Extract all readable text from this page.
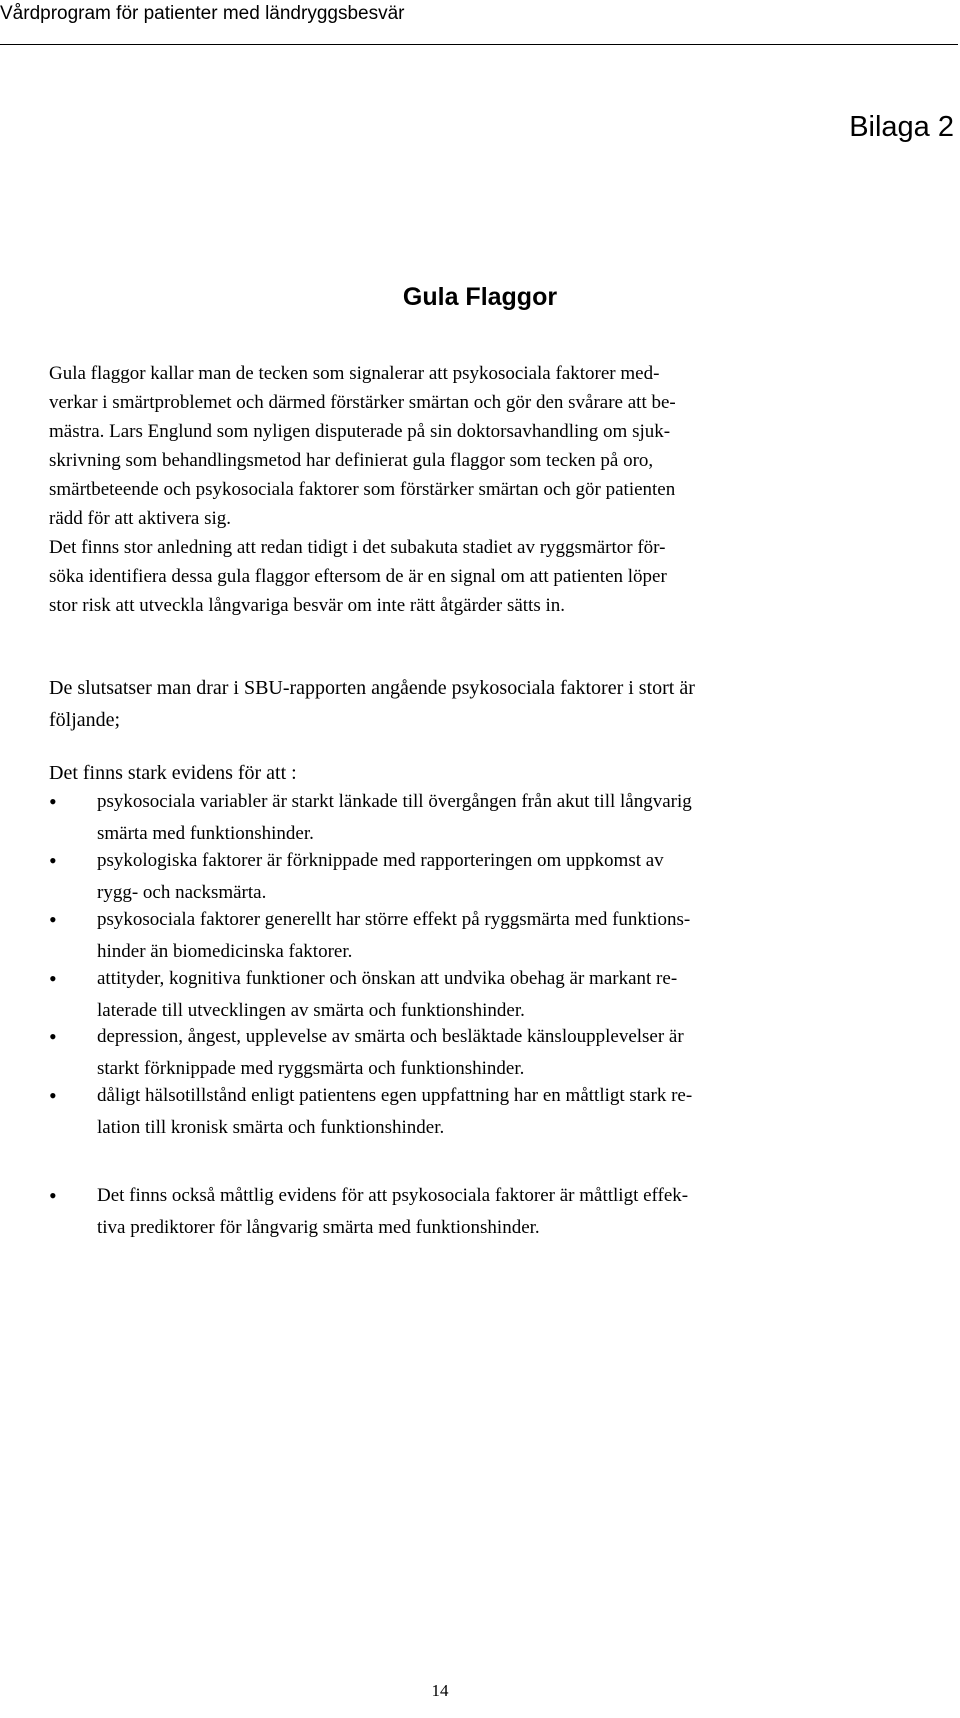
Vårdprogram för patienter med ländryggsbesvär
Bilaga 2
Gula Flaggor
Gula flaggor kallar man de tecken som signalerar att psykosociala faktorer med-
verkar i smärtproblemet och därmed förstärker smärtan och gör den svårare att be-
mästra. Lars Englund som nyligen disputerade på sin doktorsavhandling om sjuk-
skrivning som behandlingsmetod har definierat gula flaggor som tecken på oro,
smärtbeteende och psykosociala faktorer som förstärker smärtan och gör patienten
rädd för att aktivera sig.
Det finns stor anledning att redan tidigt i det subakuta stadiet av ryggsmärtor för-
söka identifiera dessa gula flaggor eftersom de är en signal om att patienten löper
stor risk att utveckla långvariga besvär om inte rätt åtgärder sätts in.
De slutsatser man drar i SBU-rapporten angående psykosociala faktorer i stort är
följande;
Det finns stark evidens för att :
• psykosociala variabler är starkt länkade till övergången från akut till långvarig
smärta med funktionshinder.
• psykologiska faktorer är förknippade med rapporteringen om uppkomst av
rygg- och nacksmärta.
• psykosociala faktorer generellt har större effekt på ryggsmärta med funktions-
hinder än biomedicinska faktorer.
• attityder, kognitiva funktioner och önskan att undvika obehag är markant re-
laterade till utvecklingen av smärta och funktionshinder.
• depression, ångest, upplevelse av smärta och besläktade känsloupplevelser är
starkt förknippade med ryggsmärta och funktionshinder.
• dåligt hälsotillstånd enligt patientens egen uppfattning har en måttligt stark re-
lation till kronisk smärta och funktionshinder.
• Det finns också måttlig evidens för att psykosociala faktorer är måttligt effek-
tiva prediktorer för långvarig smärta med funktionshinder.
14
